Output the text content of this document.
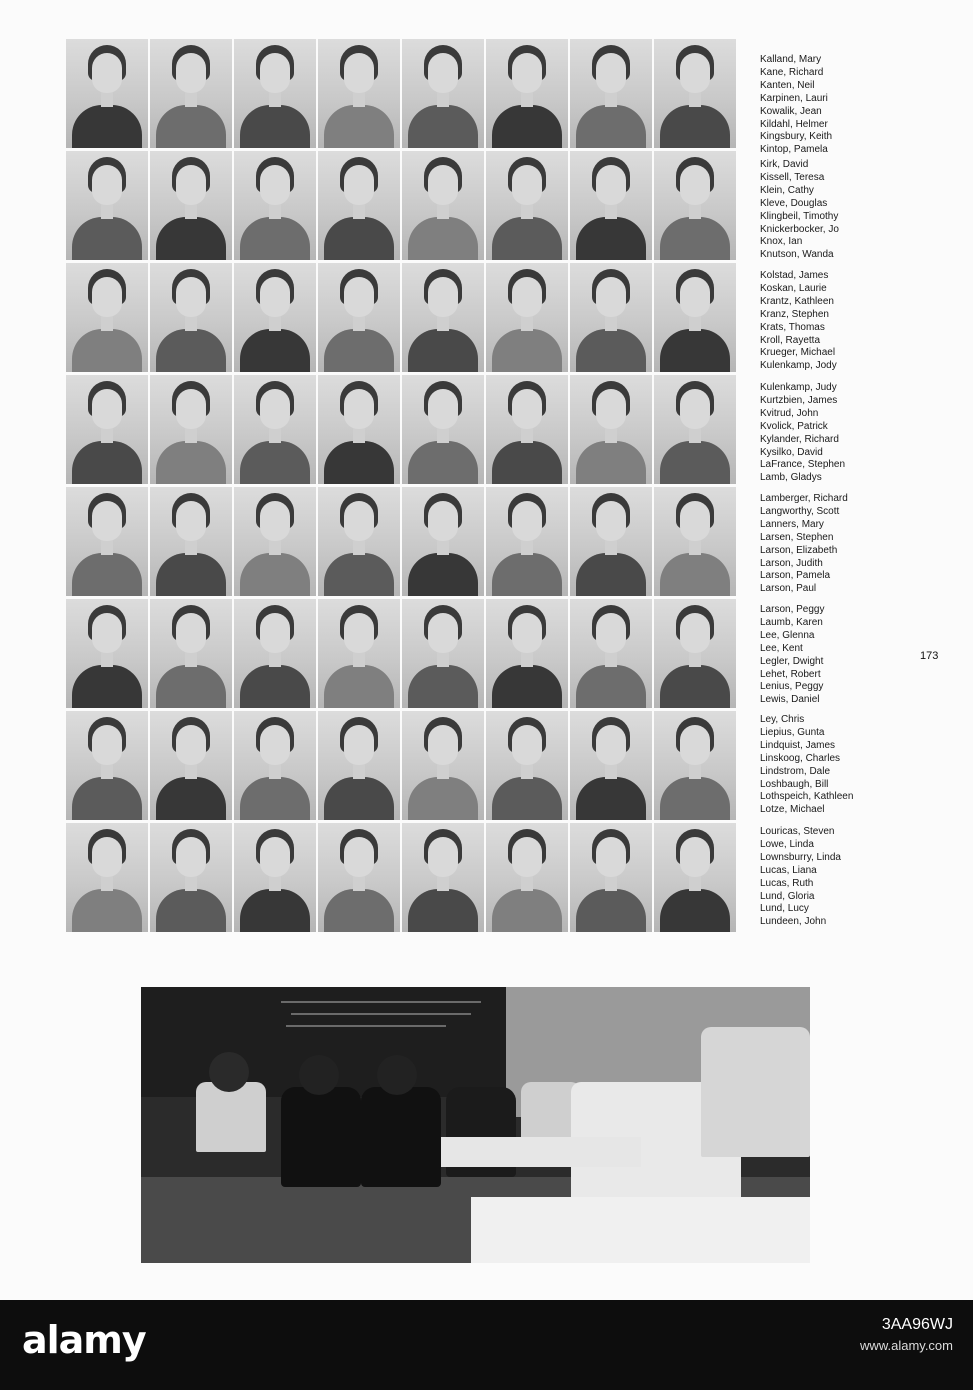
Kalland, Mary
Kane, Richard
Kanten, Neil
Karpinen, Lauri
Kowalik, Jean
Kildahl, Helmer
Kingsbury, Keith
Kintop, Pamela
Kirk, David
Kissell, Teresa
Klein, Cathy
Kleve, Douglas
Klingbeil, Timothy
Knickerbocker, Jo
Knox, Ian
Knutson, Wanda
Kolstad, James
Koskan, Laurie
Krantz, Kathleen
Kranz, Stephen
Krats, Thomas
Kroll, Rayetta
Krueger, Michael
Kulenkamp, Jody
Kulenkamp, Judy
Kurtzbien, James
Kvitrud, John
Kvolick, Patrick
Kylander, Richard
Kysilko, David
LaFrance, Stephen
Lamb, Gladys
Lamberger, Richard
Langworthy, Scott
Lanners, Mary
Larsen, Stephen
Larson, Elizabeth
Larson, Judith
Larson, Pamela
Larson, Paul
Larson, Peggy
Laumb, Karen
Lee, Glenna
Lee, Kent
Legler, Dwight
Lehet, Robert
Lenius, Peggy
Lewis, Daniel
Ley, Chris
Liepius, Gunta
Lindquist, James
Linskoog, Charles
Lindstrom, Dale
Loshbaugh, Bill
Lothspeich, Kathleen
Lotze, Michael
Louricas, Steven
Lowe, Linda
Lownsburry, Linda
Lucas, Liana
Lucas, Ruth
Lund, Gloria
Lund, Lucy
Lundeen, John
173
alamy	3AA96WJ
www.alamy.com
